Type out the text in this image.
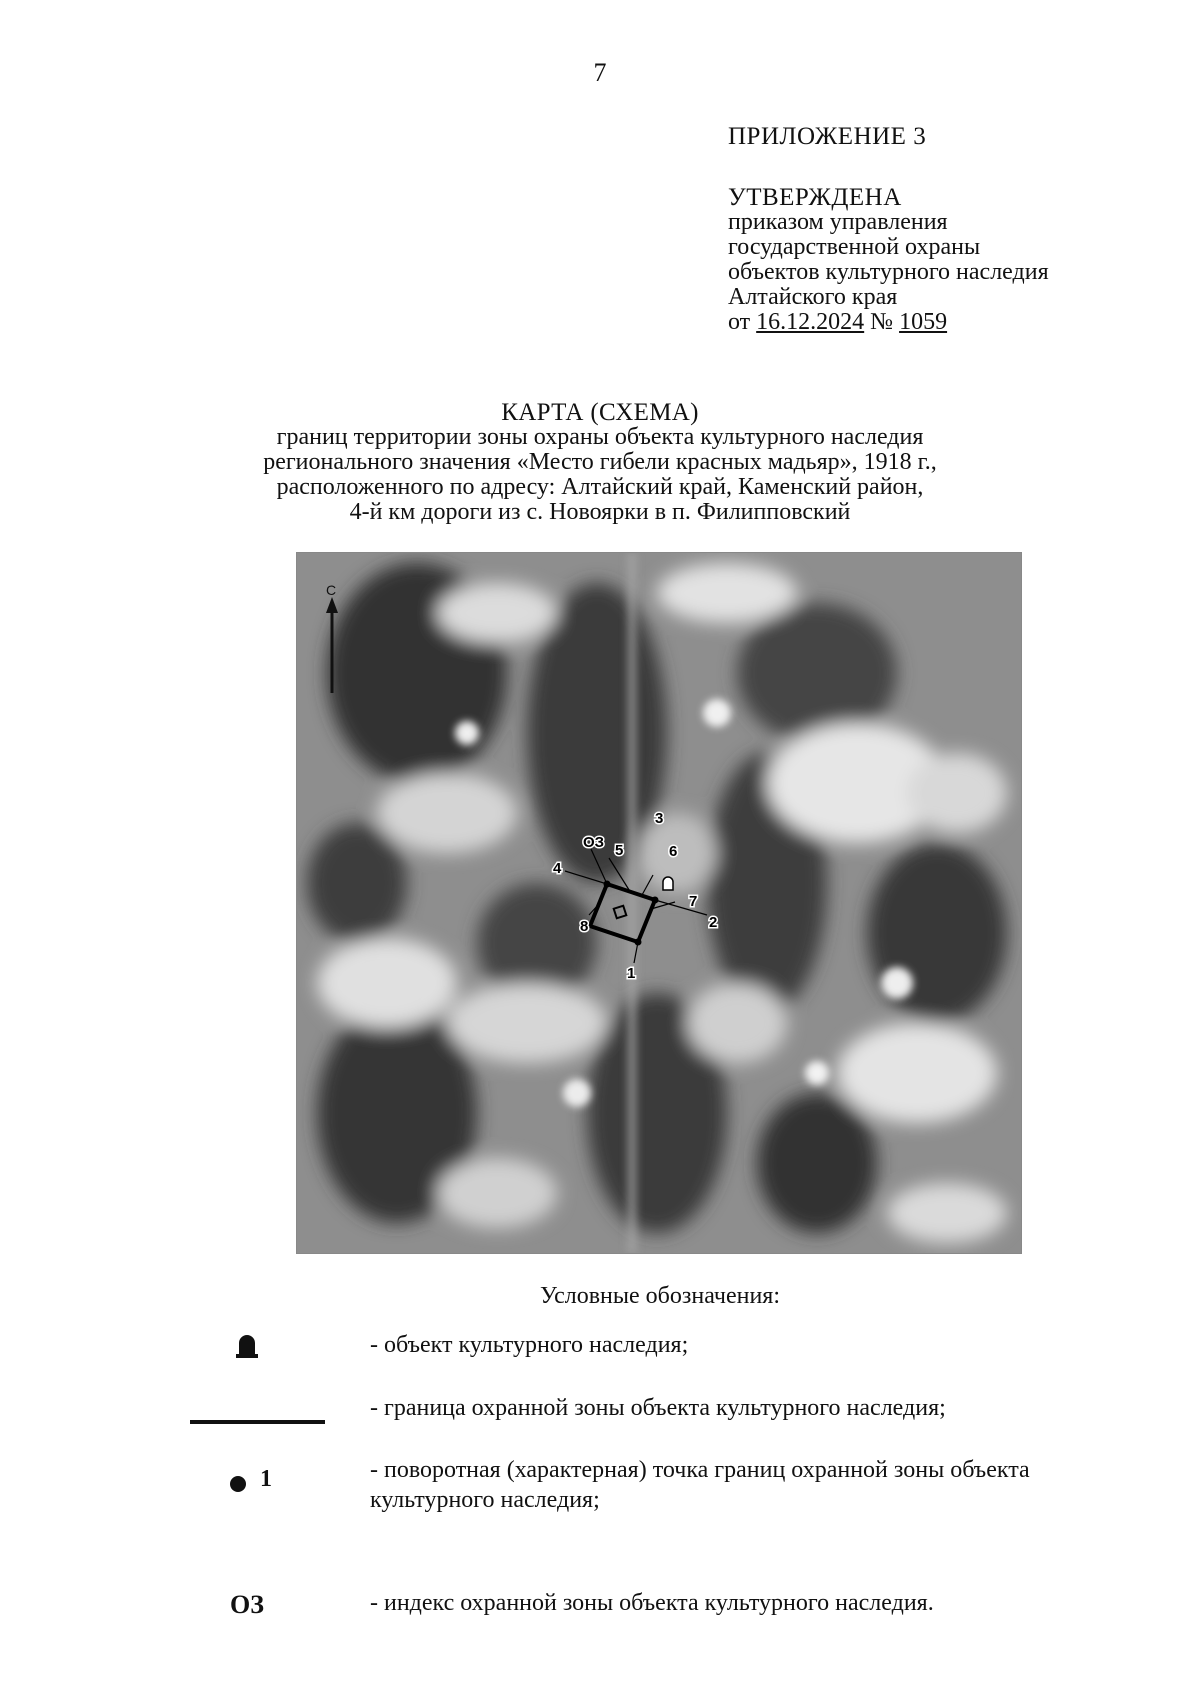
7
ПРИЛОЖЕНИЕ 3
УТВЕРЖДЕНА
приказом управления
государственной охраны
объектов культурного наследия
Алтайского края
от 16.12.2024 № 1059
КАРТА (СХЕМА)
границ территории зоны охраны объекта культурного наследия
регионального значения «Место гибели красных мадьяр», 1918 г.,
расположенного по адресу: Алтайский край, Каменский район,
4-й км дороги из с. Новоярки в п. Филипповский
С
1
2
3
4
5	6
7
8
ОЗ
Условные обозначения:
- объект культурного наследия;
- граница охранной зоны объекта культурного наследия;
1	- поворотная (характерная) точка границ охранной зоны объекта культурного наследия;
ОЗ	- индекс охранной зоны объекта культурного наследия.
